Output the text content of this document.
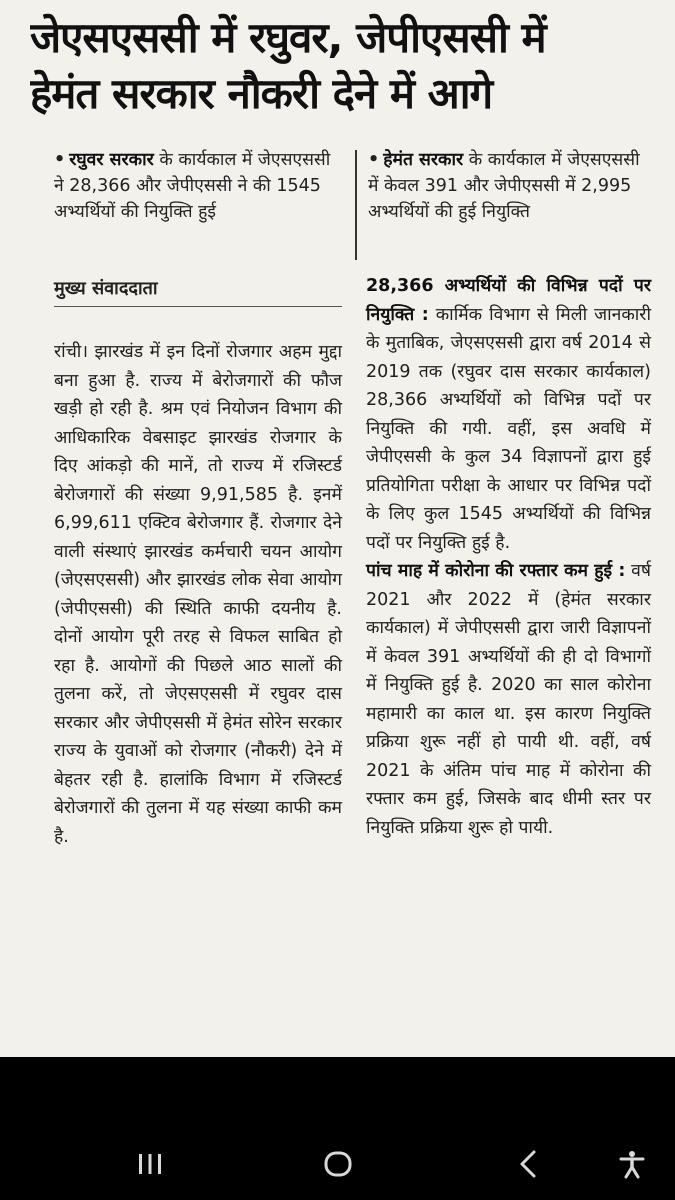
जेएसएससी में रघुवर, जेपीएससी में
हेमंत सरकार नौकरी देने में आगे
• रघुवर सरकार के कार्यकाल में जेएसएससी ने 28,366 और जेपीएससी ने की 1545 अभ्यर्थियों की नियुक्ति हुई
• हेमंत सरकार के कार्यकाल में जेएसएससी में केवल 391 और जेपीएससी में 2,995 अभ्यर्थियों की हुई नियुक्ति
मुख्य संवाददाता

रांची। झारखंड में इन दिनों रोजगार अहम मुद्दा बना हुआ है. राज्य में बेरोजगारों की फौज खड़ी हो रही है. श्रम एवं नियोजन विभाग की आधिकारिक वेबसाइट झारखंड रोजगार के दिए आंकड़ो की मानें, तो राज्य में रजिस्टर्ड बेरोजगारों की संख्या 9,91,585 है. इनमें 6,99,611 एक्टिव बेरोजगार हैं. रोजगार देने वाली संस्थाएं झारखंड कर्मचारी चयन आयोग (जेएसएससी) और झारखंड लोक सेवा आयोग (जेपीएससी) की स्थिति काफी दयनीय है. दोनों आयोग पूरी तरह से विफल साबित हो रहा है. आयोगों की पिछले आठ सालों की तुलना करें, तो जेएसएससी में रघुवर दास सरकार और जेपीएससी में हेमंत सोरेन सरकार राज्य के युवाओं को रोजगार (नौकरी) देने में बेहतर रही है. हालांकि विभाग में रजिस्टर्ड बेरोजगारों की तुलना में यह संख्या काफी कम है.

28,366 अभ्यर्थियों की विभिन्न पदों पर नियुक्ति : कार्मिक विभाग से मिली जानकारी के मुताबिक, जेएसएससी द्वारा वर्ष 2014 से 2019 तक (रघुवर दास सरकार कार्यकाल) 28,366 अभ्यर्थियों को विभिन्न पदों पर नियुक्ति की गयी. वहीं, इस अवधि में जेपीएससी के कुल 34 विज्ञापनों द्वारा हुई प्रतियोगिता परीक्षा के आधार पर विभिन्न पदों के लिए कुल 1545 अभ्यर्थियों की विभिन्न पदों पर नियुक्ति हुई है.

पांच माह में कोरोना की रफ्तार कम हुई : वर्ष 2021 और 2022 में (हेमंत सरकार कार्यकाल) में जेपीएससी द्वारा जारी विज्ञापनों में केवल 391 अभ्यर्थियों की ही दो विभागों में नियुक्ति हुई है. 2020 का साल कोरोना महामारी का काल था. इस कारण नियुक्ति प्रक्रिया शुरू नहीं हो पायी थी. वहीं, वर्ष 2021 के अंतिम पांच माह में कोरोना की रफ्तार कम हुई, जिसके बाद धीमी स्तर पर नियुक्ति प्रक्रिया शुरू हो पायी.
